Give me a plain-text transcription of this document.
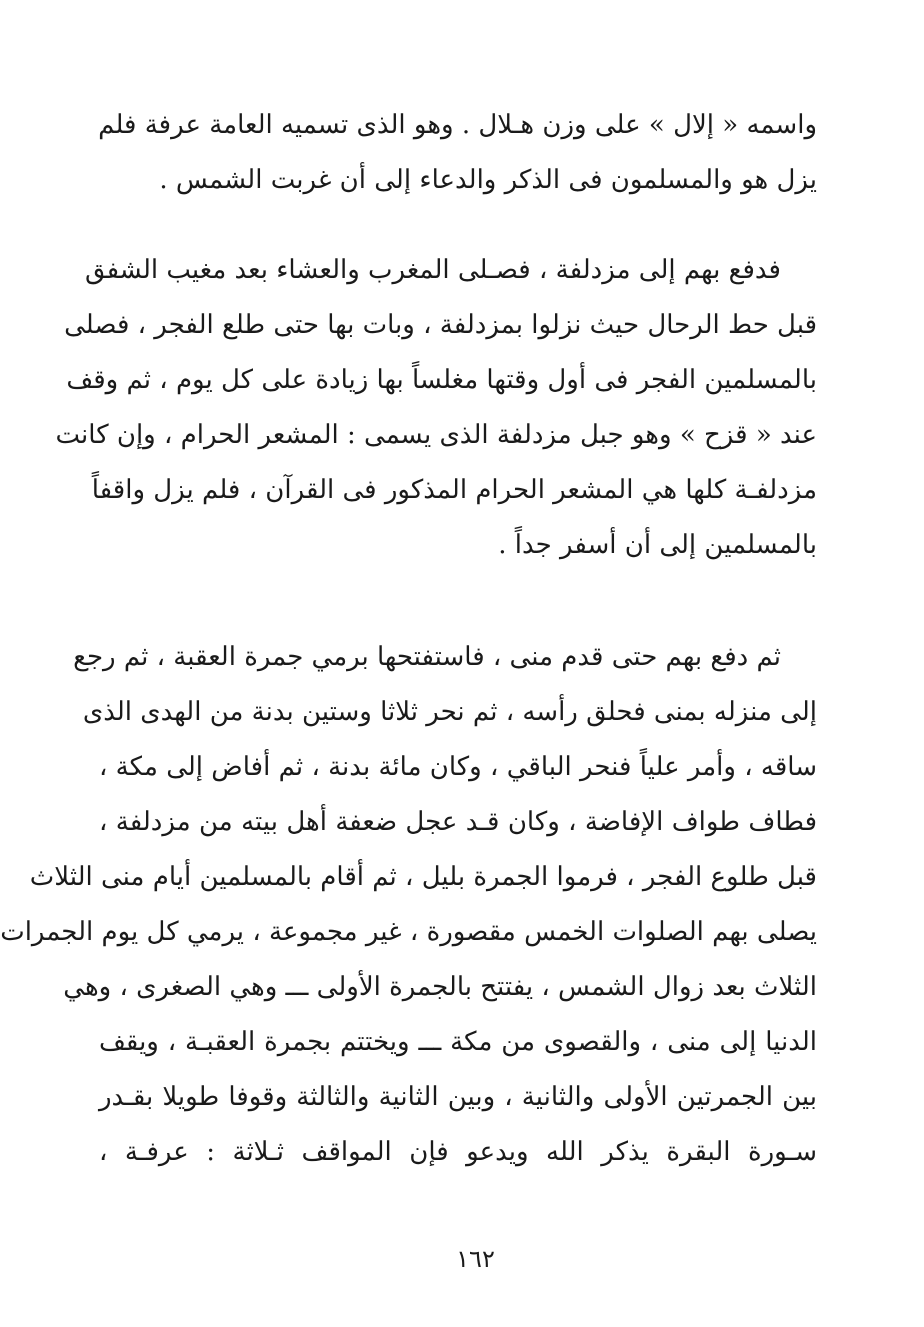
واسمه « إلال » على وزن هـلال . وهو الذى تسميه العامة عرفة فلم
يزل هو والمسلمون فى الذكر والدعاء إلى أن غربت الشمس .
فدفع بهم إلى مزدلفة ، فصـلى المغرب والعشاء بعد مغيب الشفق
قبل حط الرحال حيث نزلوا بمزدلفة ، وبات بها حتى طلع الفجر ، فصلى
بالمسلمين الفجر فى أول وقتها مغلساً بها زيادة على كل يوم ، ثم وقف
عند « قزح » وهو جبل مزدلفة الذى يسمى : المشعر الحرام ، وإن كانت
مزدلفـة كلها هي المشعر الحرام المذكور فى القرآن ، فلم يزل واقفاً
بالمسلمين إلى أن أسفر جداً .
ثم دفع بهم حتى قدم منى ، فاستفتحها برمي جمرة العقبة ، ثم رجع
إلى منزله بمنى فحلق رأسه ، ثم نحر ثلاثا وستين بدنة من الهدى الذى
ساقه ، وأمر علياً فنحر الباقي ، وكان مائة بدنة ، ثم أفاض إلى مكة ،
فطاف طواف الإفاضة ، وكان قـد عجل ضعفة أهل بيته من مزدلفة ،
قبل طلوع الفجر ، فرموا الجمرة بليل ، ثم أقام بالمسلمين أيام منى الثلاث
يصلى بهم الصلوات الخمس مقصورة ، غير مجموعة ، يرمي كل يوم الجمرات
الثلاث بعد زوال الشمس ، يفتتح بالجمرة الأولى ـــ وهي الصغرى ، وهي
الدنيا إلى منى ، والقصوى من مكة ـــ ويختتم بجمرة العقبـة ، ويقف
بين الجمرتين الأولى والثانية ، وبين الثانية والثالثة وقوفا طويلا بقـدر
سـورة البقرة يذكر الله ويدعو فإن المواقف ثـلاثة : عرفـة ،
١٦٢
